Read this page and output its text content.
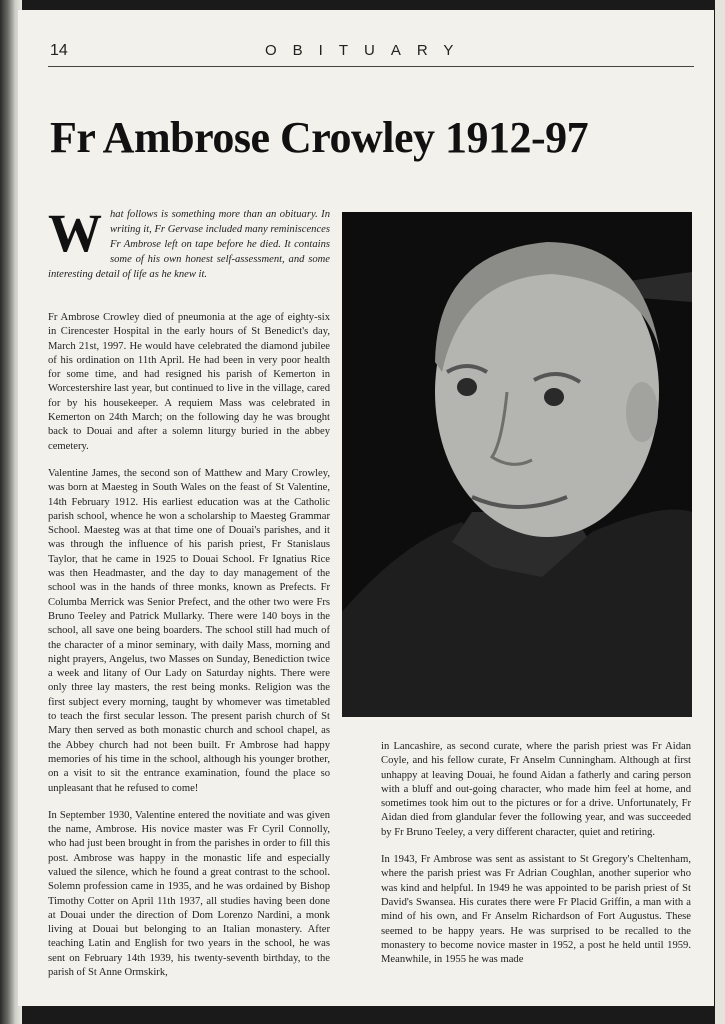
14	OBITUARY
Fr Ambrose Crowley 1912-97
What follows is something more than an obituary. In writing it, Fr Gervase included many reminiscences Fr Ambrose left on tape before he died. It contains some of his own honest self-assessment, and some interesting detail of life as he knew it.

Fr Ambrose Crowley died of pneumonia at the age of eighty-six in Cirencester Hospital in the early hours of St Benedict's day, March 21st, 1997. He would have celebrated the diamond jubilee of his ordination on 11th April. He had been in very poor health for some time, and had resigned his parish of Kemerton in Worcestershire last year, but continued to live in the village, cared for by his housekeeper. A requiem Mass was celebrated in Kemerton on 24th March; on the following day he was brought back to Douai and after a solemn liturgy buried in the abbey cemetery.

Valentine James, the second son of Matthew and Mary Crowley, was born at Maesteg in South Wales on the feast of St Valentine, 14th February 1912. His earliest education was at the Catholic parish school, whence he won a scholarship to Maesteg Grammar School. Maesteg was at that time one of Douai's parishes, and it was through the influence of his parish priest, Fr Stanislaus Taylor, that he came in 1925 to Douai School. Fr Ignatius Rice was then Headmaster, and the day to day management of the school was in the hands of three monks, known as Prefects. Fr Columba Merrick was Senior Prefect, and the other two were Frs Bruno Teeley and Patrick Mullarky. There were 140 boys in the school, all save one being boarders. The school still had much of the character of a minor seminary, with daily Mass, morning and night prayers, Angelus, two Masses on Sunday, Benediction twice a week and litany of Our Lady on Saturday nights. There were only three lay masters, the rest being monks. Religion was the first subject every morning, taught by whomever was timetabled to teach the first secular lesson. The present parish church of St Mary then served as both monastic church and school chapel, as the Abbey church had not been built. Fr Ambrose had happy memories of his time in the school, although his younger brother, on a visit to sit the entrance examination, found the place so unpleasant that he refused to come!

In September 1930, Valentine entered the novitiate and was given the name, Ambrose. His novice master was Fr Cyril Connolly, who had just been brought in from the parishes in order to fill this post. Ambrose was happy in the monastic life and especially valued the silence, which he found a great contrast to the school. Solemn profession came in 1935, and he was ordained by Bishop Timothy Cotter on April 11th 1937, all studies having been done at Douai under the direction of Dom Lorenzo Nardini, a monk living at Douai but belonging to an Italian monastery. After teaching Latin and English for two years in the school, he was sent on February 14th 1939, his twenty-seventh birthday, to the parish of St Anne Ormskirk,

in Lancashire, as second curate, where the parish priest was Fr Aidan Coyle, and his fellow curate, Fr Anselm Cunningham. Although at first unhappy at leaving Douai, he found Aidan a fatherly and caring person with a bluff and out-going character, who made him feel at home, and sometimes took him out to the pictures or for a drive. Unfortunately, Fr Aidan died from glandular fever the following year, and was succeeded by Fr Bruno Teeley, a very different character, quiet and retiring.

In 1943, Fr Ambrose was sent as assistant to St Gregory's Cheltenham, where the parish priest was Fr Adrian Coughlan, another superior who was kind and helpful. In 1949 he was appointed to be parish priest of St David's Swansea. His curates there were Fr Placid Griffin, a man with a mind of his own, and Fr Anselm Richardson of Fort Augustus. These seemed to be happy years. He was surprised to be recalled to the monastery to become novice master in 1952, a post he held until 1959. Meanwhile, in 1955 he was made
